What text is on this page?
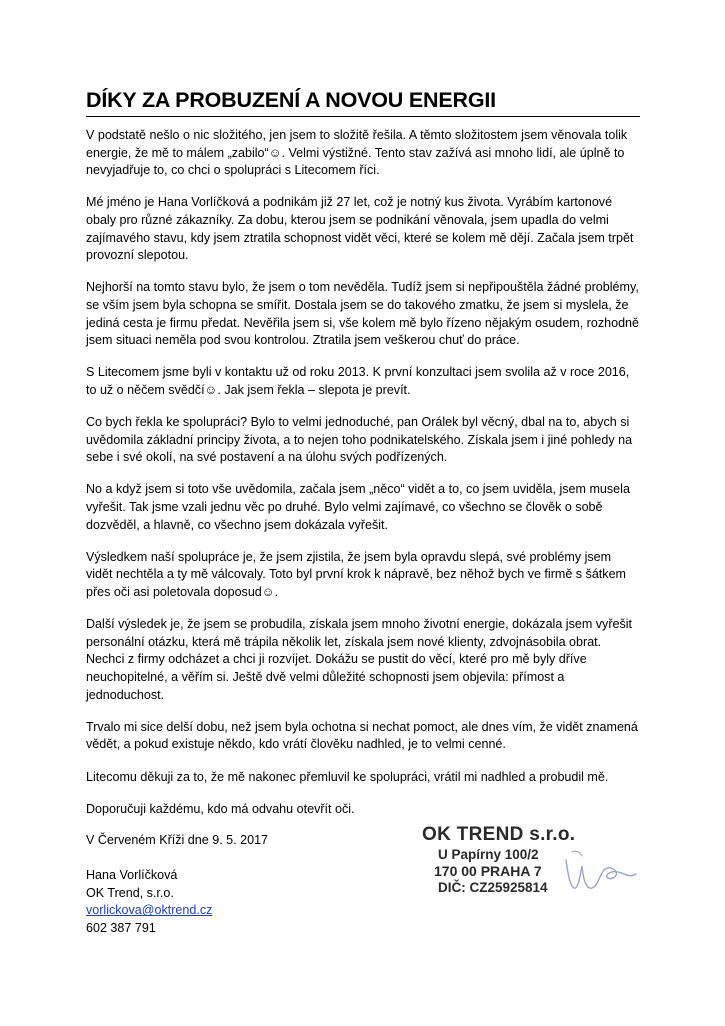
DÍKY ZA PROBUZENÍ A NOVOU ENERGII

V podstatě nešlo o nic složitého, jen jsem to složitě řešila. A těmto složitostem jsem věnovala tolik energie, že mě to málem „zabilo“☺. Velmi výstižné. Tento stav zažívá asi mnoho lidí, ale úplně to nevyjadřuje to, co chci o spolupráci s Litecomem říci.

Mé jméno je Hana Vorlíčková a podnikám již 27 let, což je notný kus života. Vyrábím kartonové obaly pro různé zákazníky. Za dobu, kterou jsem se podnikání věnovala, jsem upadla do velmi zajímavého stavu, kdy jsem ztratila schopnost vidět věci, které se kolem mě dějí. Začala jsem trpět provozní slepotou.

Nejhorší na tomto stavu bylo, že jsem o tom nevěděla. Tudíž jsem si nepřipouštěla žádné problémy, se vším jsem byla schopna se smířit. Dostala jsem se do takového zmatku, že jsem si myslela, že jediná cesta je firmu předat. Nevěřila jsem si, vše kolem mě bylo řízeno nějakým osudem, rozhodně jsem situaci neměla pod svou kontrolou. Ztratila jsem veškerou chuť do práce.

S Litecomem jsme byli v kontaktu už od roku 2013. K první konzultaci jsem svolila až v roce 2016, to už o něčem svědčí☺. Jak jsem řekla – slepota je prevít.

Co bych řekla ke spolupráci? Bylo to velmi jednoduché, pan Orálek byl věcný, dbal na to, abych si uvědomila základní principy života, a to nejen toho podnikatelského. Získala jsem i jiné pohledy na sebe i své okolí, na své postavení a na úlohu svých podřízených.

No a když jsem si toto vše uvědomila, začala jsem „něco“ vidět a to, co jsem uviděla, jsem musela vyřešit. Tak jsme vzali jednu věc po druhé. Bylo velmi zajímavé, co všechno se člověk o sobě dozvěděl, a hlavně, co všechno jsem dokázala vyřešit.

Výsledkem naší spolupráce je, že jsem zjistila, že jsem byla opravdu slepá, své problémy jsem vidět nechtěla a ty mě válcovaly. Toto byl první krok k nápravě, bez něhož bych ve firmě s šátkem přes oči asi poletovala doposud☺.

Další výsledek je, že jsem se probudila, získala jsem mnoho životní energie, dokázala jsem vyřešit personální otázku, která mě trápila několik let, získala jsem nové klienty, zdvojnásobila obrat. Nechci z firmy odcházet a chci ji rozvíjet. Dokážu se pustit do věcí, které pro mě byly dříve neuchopitelné, a věřím si. Ještě dvě velmi důležité schopnosti jsem objevila: přímost a jednoduchost.

Trvalo mi sice delší dobu, než jsem byla ochotna si nechat pomoct, ale dnes vím, že vidět znamená vědět, a pokud existuje někdo, kdo vrátí člověku nadhled, je to velmi cenné.

Litecomu děkuji za to, že mě nakonec přemluvil ke spolupráci, vrátil mi nadhled a probudil mě.

Doporučuji každému, kdo má odvahu otevřít oči.

V Červeném Kříži dne 9. 5. 2017
Hana Vorlíčková
OK Trend, s.r.o.
vorlickova@oktrend.cz
602 387 791
OK TREND s.r.o.
U Papírny 100/2
170 00 PRAHA 7
DIČ: CZ25925814
